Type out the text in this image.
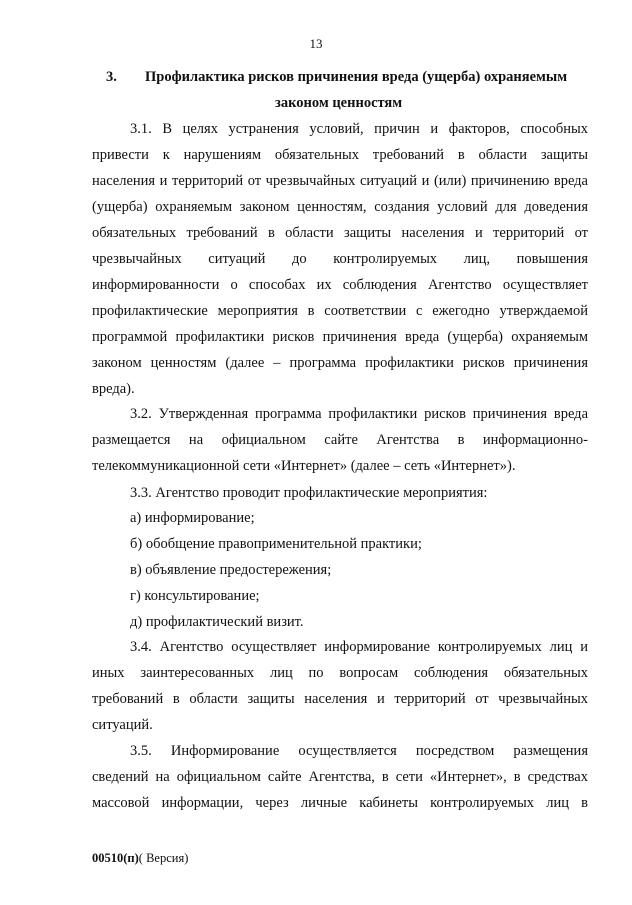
13
3. Профилактика рисков причинения вреда (ущерба) охраняемым
законом ценностям
3.1. В целях устранения условий, причин и факторов, способных
привести к нарушениям обязательных требований в области защиты
населения и территорий от чрезвычайных ситуаций и (или) причинению вреда
(ущерба) охраняемым законом ценностям, создания условий для доведения
обязательных требований в области защиты населения и территорий от
чрезвычайных ситуаций до контролируемых лиц, повышения
информированности о способах их соблюдения Агентство осуществляет
профилактические мероприятия в соответствии с ежегодно утверждаемой
программой профилактики рисков причинения вреда (ущерба) охраняемым
законом ценностям (далее – программа профилактики рисков причинения
вреда).
3.2. Утвержденная программа профилактики рисков причинения вреда
размещается на официальном сайте Агентства в информационно-
телекоммуникационной сети «Интернет» (далее – сеть «Интернет»).
3.3. Агентство проводит профилактические мероприятия:
а) информирование;
б) обобщение правоприменительной практики;
в) объявление предостережения;
г) консультирование;
д) профилактический визит.
3.4. Агентство осуществляет информирование контролируемых лиц и
иных заинтересованных лиц по вопросам соблюдения обязательных
требований в области защиты населения и территорий от чрезвычайных
ситуаций.
3.5. Информирование осуществляется посредством размещения
сведений на официальном сайте Агентства, в сети «Интернет», в средствах
массовой информации, через личные кабинеты контролируемых лиц в
00510(п)( Версия)
